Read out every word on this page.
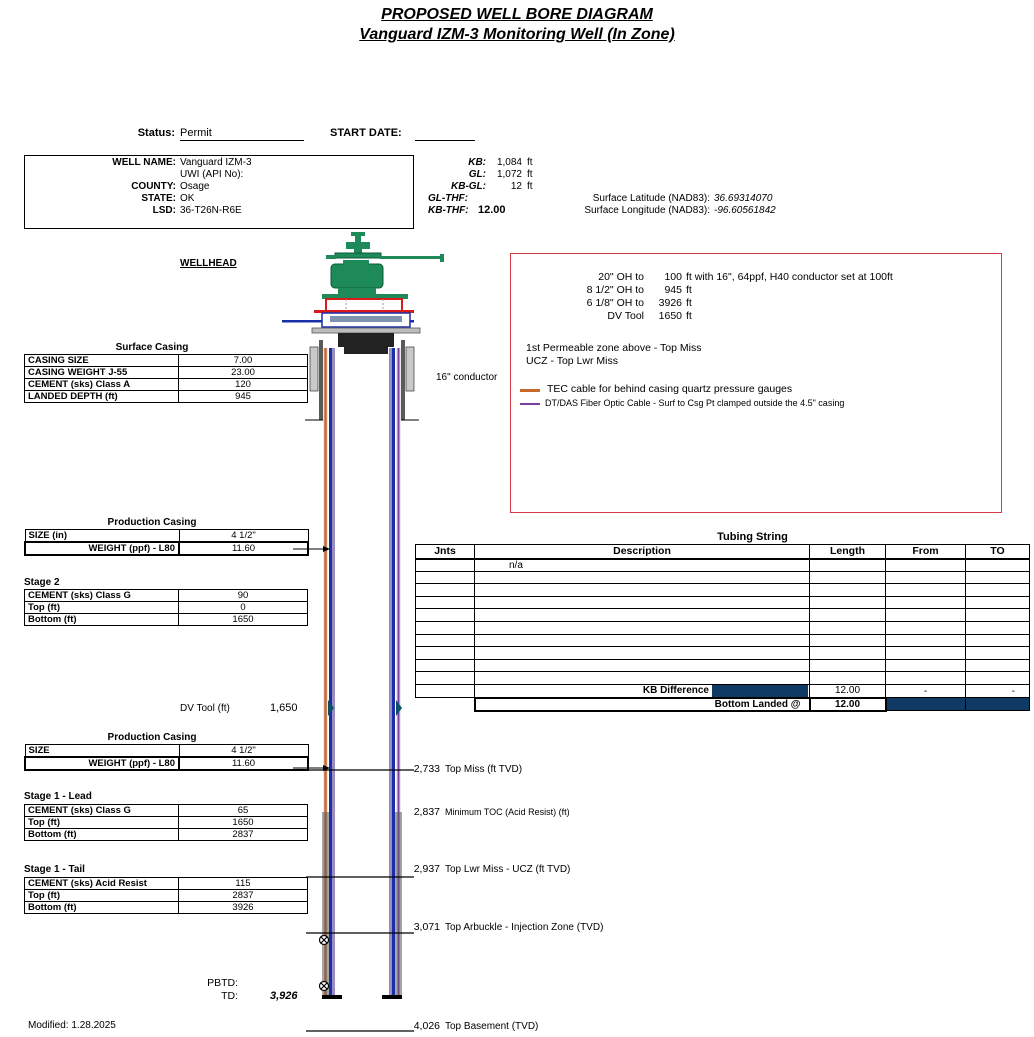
PROPOSED WELL BORE DIAGRAM
Vanguard IZM-3 Monitoring Well (In Zone)
Status: Permit	START DATE:
WELL NAME: Vanguard IZM-3
UWI (API No):
COUNTY: Osage
STATE: OK
LSD: 36-T26N-R6E
KB:	1,084 ft
GL:	1,072 ft
KB-GL:	12 ft
GL-THF:
KB-THF: 12.00
Surface Latitude (NAD83): 36.69314070
Surface Longitude (NAD83): -96.60561842
WELLHEAD
20" OH to	100 ft with 16", 64ppf, H40 conductor set at 100ft
8 1/2" OH to	945 ft
6 1/8" OH to	3926 ft
DV Tool	1650 ft
1st Permeable zone above - Top Miss
UCZ - Top Lwr Miss
TEC cable for behind casing quartz pressure gauges
DT/DAS Fiber Optic Cable - Surf to Csg Pt clamped outside the 4.5" casing
16" conductor
Surface Casing
CASING SIZE	7.00
CASING WEIGHT J-55	23.00
CEMENT (sks) Class A	120
LANDED DEPTH (ft)	945
Production Casing
SIZE (in)	4 1/2"
WEIGHT (ppf) - L80	11.60
Stage 2
CEMENT (sks) Class G	90
Top (ft)	0
Bottom (ft)	1650
DV Tool (ft)	1,650
Production Casing
SIZE	4 1/2"
WEIGHT (ppf) - L80	11.60
Stage 1 - Lead
CEMENT (sks) Class G	65
Top (ft)	1650
Bottom (ft)	2837
Stage 1 - Tail
CEMENT (sks) Acid Resist	115
Top (ft)	2837
Bottom (ft)	3926
PBTD:
TD:	3,926
Modified: 1.28.2025
Tubing String
Jnts	Description	Length	From	TO
	n/a			

	KB Difference	12.00	-	-
	Bottom Landed @	12.00		
2,733 Top Miss (ft TVD)
2,837 Minimum TOC (Acid Resist) (ft)
2,937 Top Lwr Miss - UCZ (ft TVD)
3,071 Top Arbuckle - Injection Zone (TVD)
4,026 Top Basement (TVD)
